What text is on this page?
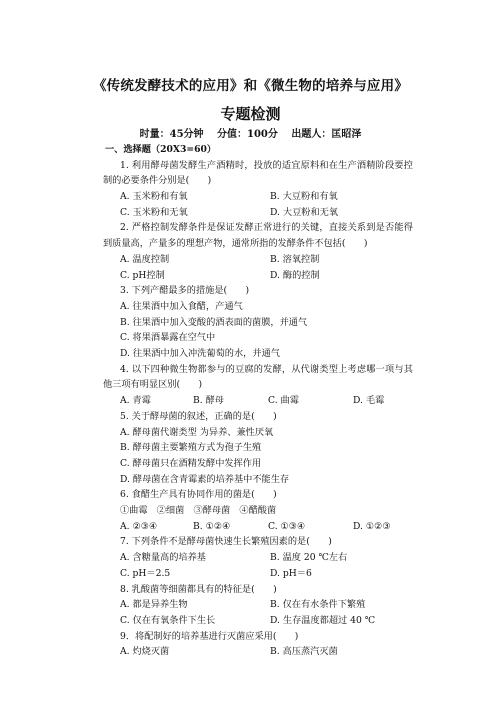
《传统发酵技术的应用》和《微生物的培养与应用》
专题检测
时量：45分钟 分值：100分 出题人：匡昭泽
一、选择题（20X3=60）
1. 利用酵母菌发酵生产酒精时，投放的适宜原料和在生产酒精阶段要控制的必要条件分别是(　　)
A. 玉米粉和有氧	B. 大豆粉和有氧
C. 玉米粉和无氧	D. 大豆粉和无氧
2. 严格控制发酵条件是保证发酵正常进行的关键，直接关系到是否能得到质量高，产量多的理想产物，通常所指的发酵条件不包括(　　)
A. 温度控制	B. 溶氧控制
C. pH控制	D. 酶的控制
3. 下列产醋最多的措施是(　　)
A. 往果酒中加入食醋，产通气
B. 往果酒中加入变酸的酒表面的菌膜，并通气
C. 将果酒暴露在空气中
D. 往果酒中加入冲洗葡萄的水，并通气
4. 以下四种微生物都参与的豆腐的发酵，从代谢类型上考虑哪一项与其他三项有明显区别(　　)
A. 青霉	B. 酵母	C. 曲霉	D. 毛霉
5. 关于酵母菌的叙述，正确的是(　　)
A. 酵母菌代谢类型 为异养、兼性厌氧
B. 酵母菌主要繁殖方式为孢子生殖
C. 酵母菌只在酒精发酵中发挥作用
D. 酵母菌在含青霉素的培养基中不能生存
6. 食醋生产具有协同作用的菌是(　　)
①曲霉　②细菌　③酵母菌　④醋酸菌
A. ②③④	B. ①②④	C. ①③④	D. ①②③
7. 下列条件不是酵母菌快速生长繁殖因素的是(　　)
A. 含糖量高的培养基	B. 温度 20 ℃左右
C. pH＝2.5	D. pH＝6
8. 乳酸菌等细菌都具有的特征是(　　)
A. 都是异养生物	B. 仅在有水条件下繁殖
C. 仅在有氧条件下生长	D. 生存温度都超过 40 ℃
9．将配制好的培养基进行灭菌应采用(　　)
A. 灼烧灭菌	B. 高压蒸汽灭菌
